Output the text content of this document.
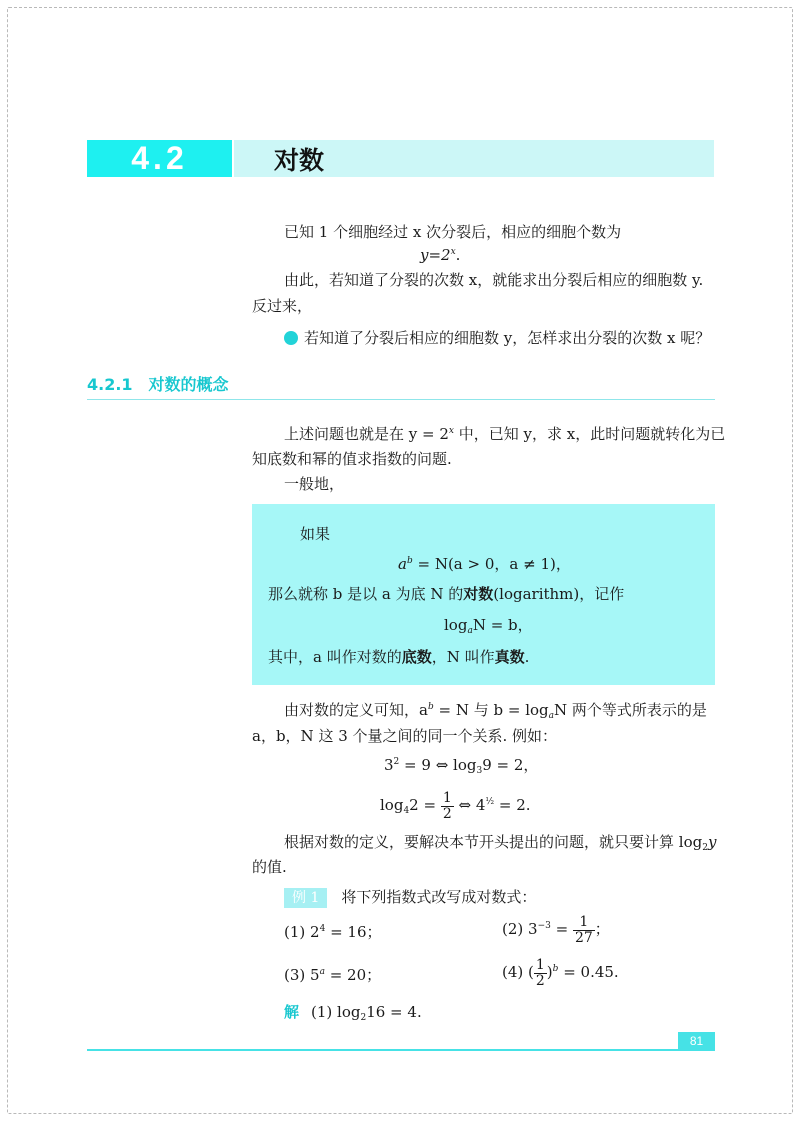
4.2	对数
已知 1 个细胞经过 x 次分裂后，相应的细胞个数为
$y=2^x$.
由此，若知道了分裂的次数 x，就能求出分裂后相应的细胞数 y.
反过来，
若知道了分裂后相应的细胞数 y，怎样求出分裂的次数 x 呢？
4.2.1　对数的概念
上述问题也就是在 $y = 2^x$ 中，已知 y，求 x，此时问题就转化为已
知底数和幂的值求指数的问题.
一般地，
如果
$a^b = N(a > 0$，a ≠ 1)，
那么就称 b 是以 a 为底 N 的对数(logarithm)，记作
$\log_aN = b$，
其中，a 叫作对数的底数，N 叫作真数.
由对数的定义可知，$a^b = N$ 与 $b = \log_aN$ 两个等式所表示的是
a，b，N 这 3 个量之间的同一个关系. 例如：
$3^2 = 9$ ⇔ $\log_39 = 2$，
$\log_42 = \frac{1}{2}$ ⇔ $4^{\frac{1}{2}} = 2$.
根据对数的定义，要解决本节开头提出的问题，就只要计算 $\log_2y$
的值.
例 1 将下列指数式改写成对数式：
(1) $2^4 = 16$；	(2) $3^{-3} = \frac{1}{27}$ ；
(3) $5^a = 20$；	(4) ( $\frac{1}{2} )^b = 0.45$.
解 (1) $\log_216 = 4$.
81
